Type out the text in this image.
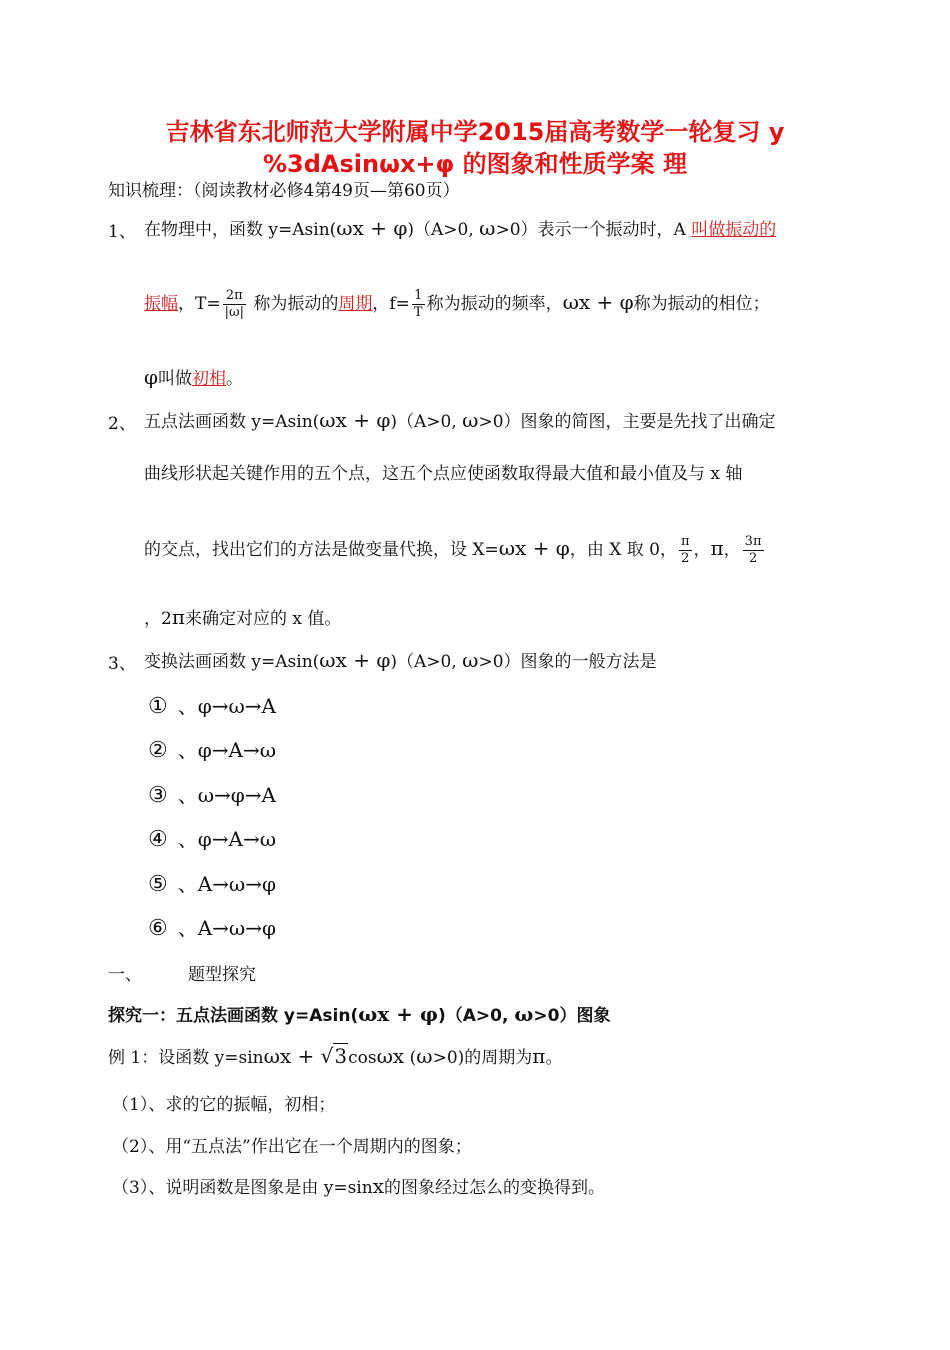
吉林省东北师范大学附属中学2015届高考数学一轮复习 y
%3dAsinωx+φ 的图象和性质学案 理
知识梳理：（阅读教材必修4第49页—第60页）
1、 在物理中，函数 y=Asin(ωx + φ)（A>0, ω>0）表示一个振动时，A 叫做振动的
振幅，$T= \frac{2\pi}{|\omega|}$ 称为振动的周期，$f= \frac{1}{T}$ 称为振动的频率，ωx + φ称为振动的相位；
φ叫做初相。
2、 五点法画函数 y=Asin(ωx + φ)（A>0, ω>0）图象的简图，主要是先找了出确定
曲线形状起关键作用的五个点，这五个点应使函数取得最大值和最小值及与 x 轴
的交点，找出它们的方法是做变量代换，设 X=ωx + φ，由 X 取 0， $\frac{\pi}{2}$ ，π， $\frac{3\pi}{2}$
，2π来确定对应的 x 值。
3、 变换法画函数 y=Asin(ωx + φ)（A>0, ω>0）图象的一般方法是
① 、φ→ω→A
② 、φ→A→ω
③ 、ω→φ→A
④ 、φ→A→ω
⑤ 、A→ω→φ
⑥ 、A→ω→φ
一、	题型探究
探究一：五点法画函数 y=Asin(ωx + φ)（A>0, ω>0）图象
例 1：设函数 y=sinωx + √3cosωx (ω>0)的周期为π。
（1）、求的它的振幅，初相；
（2）、用“五点法”作出它在一个周期内的图象；
（3）、说明函数是图象是由 y=sinx的图象经过怎么的变换得到。
